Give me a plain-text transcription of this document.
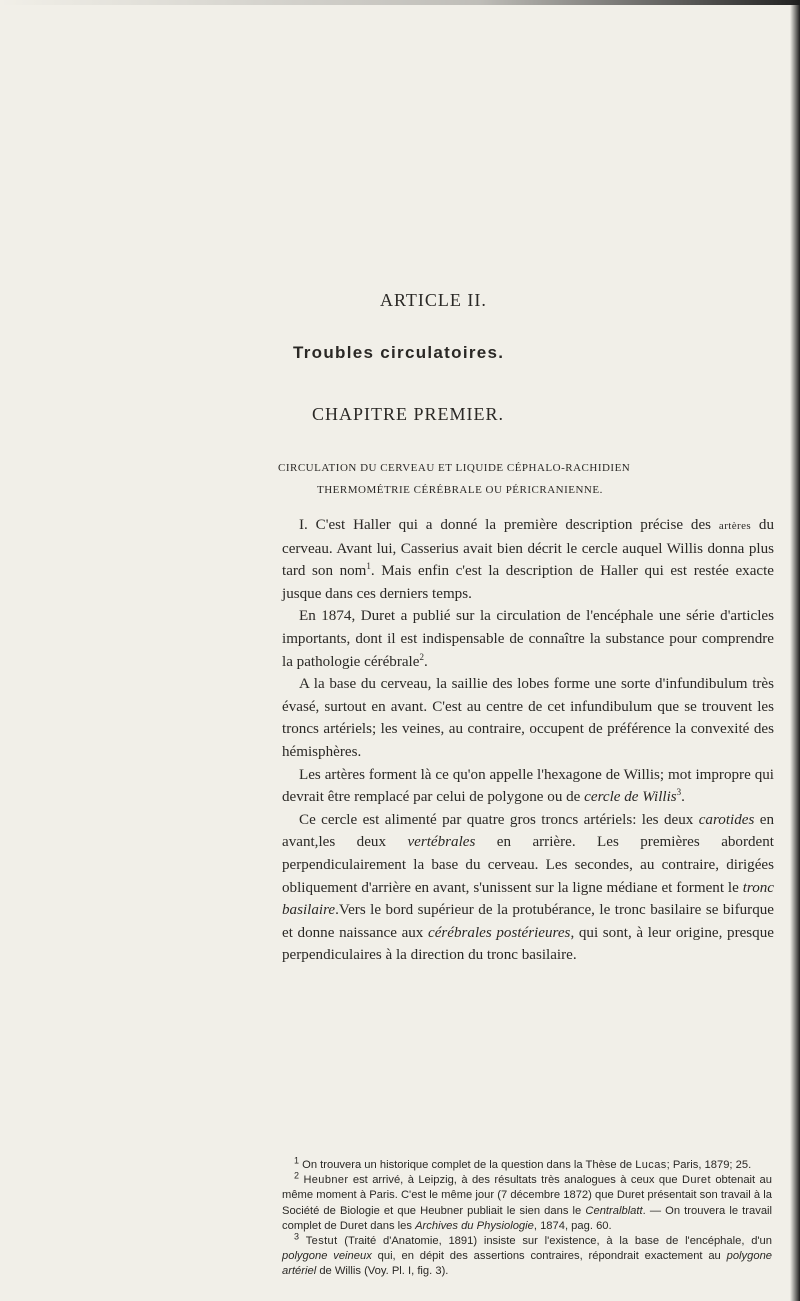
ARTICLE II.
Troubles circulatoires.
CHAPITRE PREMIER.
CIRCULATION DU CERVEAU ET LIQUIDE CÉPHALO-RACHIDIEN
THERMOMÉTRIE CÉRÉBRALE OU PÉRICRANIENNE.

I. C'est Haller qui a donné la première description précise des artères du cerveau. Avant lui, Casserius avait bien décrit le cercle auquel Willis donna plus tard son nom$^1$. Mais enfin c'est la description de Haller qui est restée exacte jusque dans ces derniers temps.

En 1874, Duret a publié sur la circulation de l'encéphale une série d'articles importants, dont il est indispensable de connaître la substance pour comprendre la pathologie cérébrale$^2$.

A la base du cerveau, la saillie des lobes forme une sorte d'infundibulum très évasé, surtout en avant. C'est au centre de cet infundibulum que se trouvent les troncs artériels; les veines, au contraire, occupent de préférence la convexité des hémisphères.

Les artères forment là ce qu'on appelle l'hexagone de Willis; mot impropre qui devrait être remplacé par celui de polygone ou de cercle de Willis$^3$.

Ce cercle est alimenté par quatre gros troncs artériels: les deux carotides en avant,les deux vertébrales en arrière. Les premières abordent perpendiculairement la base du cerveau. Les secondes, au contraire, dirigées obliquement d'arrière en avant, s'unissent sur la ligne médiane et forment le tronc basilaire.Vers le bord supérieur de la protubérance, le tronc basilaire se bifurque et donne naissance aux cérébrales postérieures, qui sont, à leur origine, presque perpendiculaires à la direction du tronc basilaire.

$^1$ On trouvera un historique complet de la question dans la Thèse de Lucas; Paris, 1879; 25.

$^2$ Heubner est arrivé, à Leipzig, à des résultats très analogues à ceux que Duret obtenait au même moment à Paris. C'est le même jour (7 décembre 1872) que Duret présentait son travail à la Société de Biologie et que Heubner publiait le sien dans le Centralblatt. — On trouvera le travail complet de Duret dans les Archives du Physiologie, 1874, pag. 60.

$^3$ Testut (Traité d'Anatomie, 1891) insiste sur l'existence, à la base de l'encéphale, d'un polygone veineux qui, en dépit des assertions contraires, répondrait exactement au polygone artériel de Willis (Voy. Pl. I, fig. 3).
